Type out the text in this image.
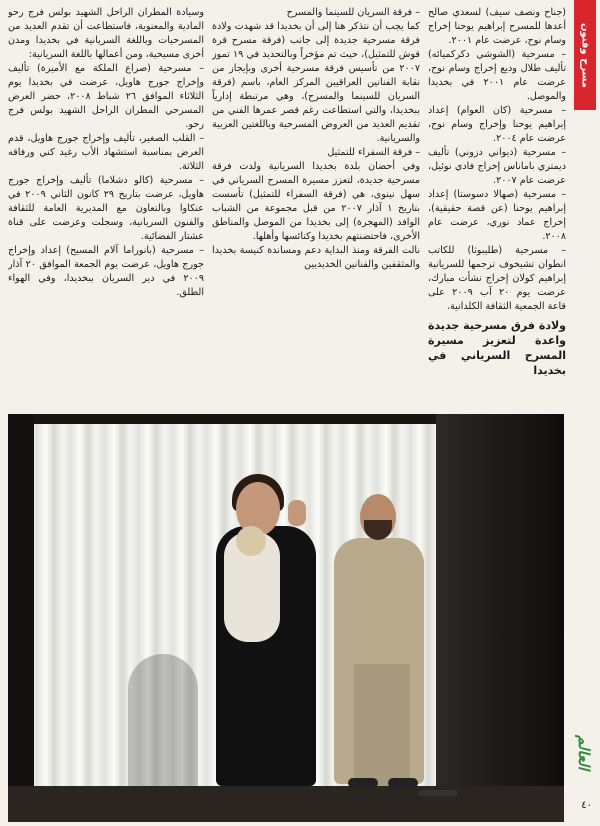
مسرح وفنون
العالم
٤٠

(جناح ونصف سيف) لسعدي صالح أعدها للمسرح إبراهيم يوحنا إخراج وسام نوح، عرضت عام ٢٠٠١.

– مسرحية (الشوشي دكركميائه) تأليف طلال وديع إخراج وسام نوح، عرضت عام ٢٠٠١ في بخديدا والموصل.

– مسرحية (كان العوام) إعداد إبراهيم يوحنا وإخراج وسام نوح، عرضت عام ٢٠٠٤.

– مسرحية (ديواني دزوني) تأليف ديمتري باماناس إخراج فادي نوئيل، عرضت عام ٢٠٠٧.

– مسرحية (صهالا دسوستا) إعداد إبراهيم يوحنا (عن قصة حقيقية)، إخراج عماد نوري، عرضت عام ٢٠٠٨.

– مسرحية (طليبوثا) للكاتب انطوان تشيخوف ترجمها للسريانية إبراهيم كولان إخراج نشأت مبارك، عرضت يوم ٢٠ آب ٢٠٠٩ على قاعة الجمعية الثقافة الكلدانية.

ولادة فرق مسرحية جديدة واعدة لتعزيز مسيرة المسرح السرياني في بخديدا

– فرقة السريان للسينما والمسرح

كما يجب أن نتذكر هنا إلى أن بخديدا قد شهدت ولادة فرقة مسرحية جديدة إلى جانب (فرقة مسرح قرة قوش للتمثيل)، حيث تم مؤخراً وبالتحديد في ١٩ تموز ٢٠٠٧ من تأسيس فرقة مسرحية أخرى وبإيجاز من نقابة الفنانين العراقيين المركز العام، باسم (فرقة السريان للسينما والمسرح)، وهي مرتبطة إدارياً ببخديدا، والتي استطاعت رغم قصر عمرها الفني من تقديم العديد من العروض المسرحية وباللغتين العربية والسريانية.

– فرقة السفراء للتمثيل

وفي أحضان بلدة بخديدا السريانية ولدت فرقة مسرحية جديدة، لتعزز مسيرة المسرح السرياني في سهل نينوى، هي (فرقة السفراء للتمثيل) تأسست بتاريخ ١ آذار ٢٠٠٧ من قبل مجموعة من الشباب الوافد (المهجرة) إلى بخديدا من الموصل والمناطق الأخرى، فاحتضنتهم بخديدا وكنائسها وأهلها.

نالت الفرقة ومنذ البداية دعم ومساندة كنيسة بخديدا والمثقفين والفنانين الخديديين

وسيادة المطران الراحل الشهيد بولس فرج رحو المادية والمعنوية، فاستطاعت أن تقدم العديد من المسرحيات وباللغة السريانية في بخديدا ومدن أخرى مسيحية، ومن أعمالها باللغة السريانية:

– مسرحية (صراع الملكة مع الأميرة) تأليف وإخراج جورج هاويل، عرضت في بخديدا يوم الثلاثاء الموافق ٢٦ شباط ٢٠٠٨، حضر العرض المسرحي المطران الراحل الشهيد بولس فرج رحو.

– القلب الصغير، تأليف وإخراج جورج هاويل، قدم العرض بمناسبة استشهاد الأب رغيد كني ورفاقه الثلاثة.

– مسرحية (كالو دشلاما) تأليف وإخراج جورج هاويل، عرضت بتاريخ ٢٩ كانون الثاني ٢٠٠٩ في عنكاوا وبالتعاون مع المديرية العامة للثقافة والفنون السريانية، وسجلت وعرضت على قناة عشتار الفضائية.

– مسرحية (بانوراما آلام المسيح) إعداد وإخراج جورج هاويل، عرضت يوم الجمعة الموافق ٢٠ آذار ٢٠٠٩ في دير السريان ببخديدا، وفي الهواء الطلق.
